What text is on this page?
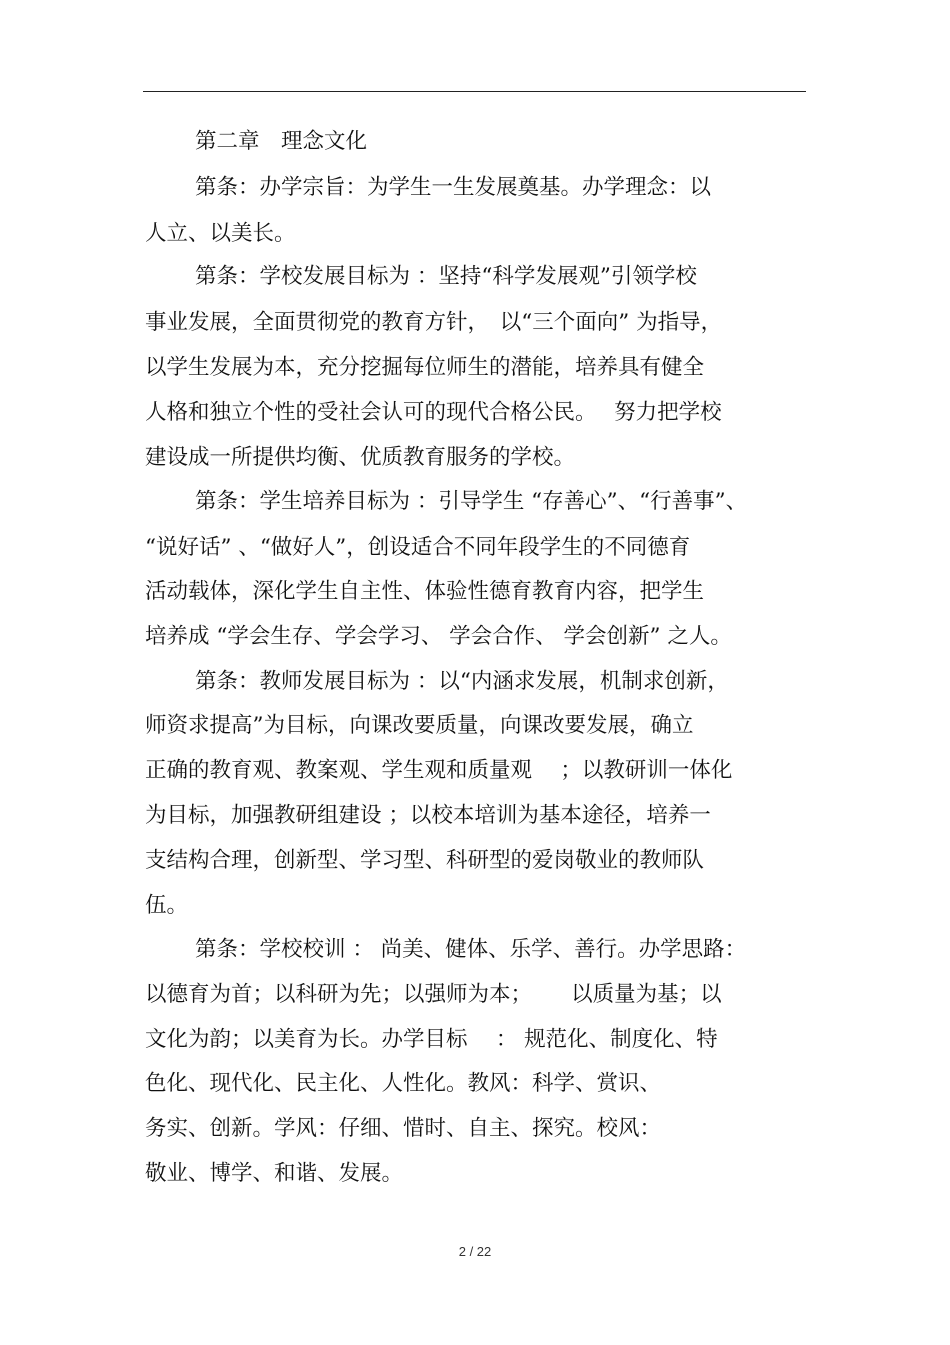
第二章　理念文化
第条：办学宗旨：为学生一生发展奠基。办学理念：以
人立、以美长。
第条：学校发展目标为 ：坚持“科学发展观”引领学校
事业发展，全面贯彻党的教育方针，　以“三个面向” 为指导，
以学生发展为本，充分挖掘每位师生的潜能，培养具有健全
人格和独立个性的受社会认可的现代合格公民。　 努力把学校
建设成一所提供均衡、优质教育服务的学校。
第条：学生培养目标为 ：引导学生 “存善心”、“行善事”、
“说好话” 、“做好人”，创设适合不同年段学生的不同德育
活动载体，深化学生自主性、体验性德育教育内容，把学生
培养成 “学会生存、学会学习、 学会合作、 学会创新” 之人。
第条：教师发展目标为 ：以“内涵求发展，机制求创新，
师资求提高”为目标，向课改要质量，向课改要发展，确立
正确的教育观、教案观、学生观和质量观　 ；以教研训一体化
为目标，加强教研组建设 ；以校本培训为基本途径，培养一
支结构合理，创新型、学习型、科研型的爱岗敬业的教师队
伍。
第条：学校校训 ： 尚美、健体、乐学、善行。办学思路：
以德育为首；以科研为先；以强师为本；　　 以质量为基；以
文化为韵；以美育为长。办学目标　 ： 规范化、制度化、特
色化、现代化、民主化、人性化。教风：科学、赏识、
务实、创新。学风：仔细、惜时、自主、探究。校风：
敬业、博学、和谐、发展。
2 / 22
